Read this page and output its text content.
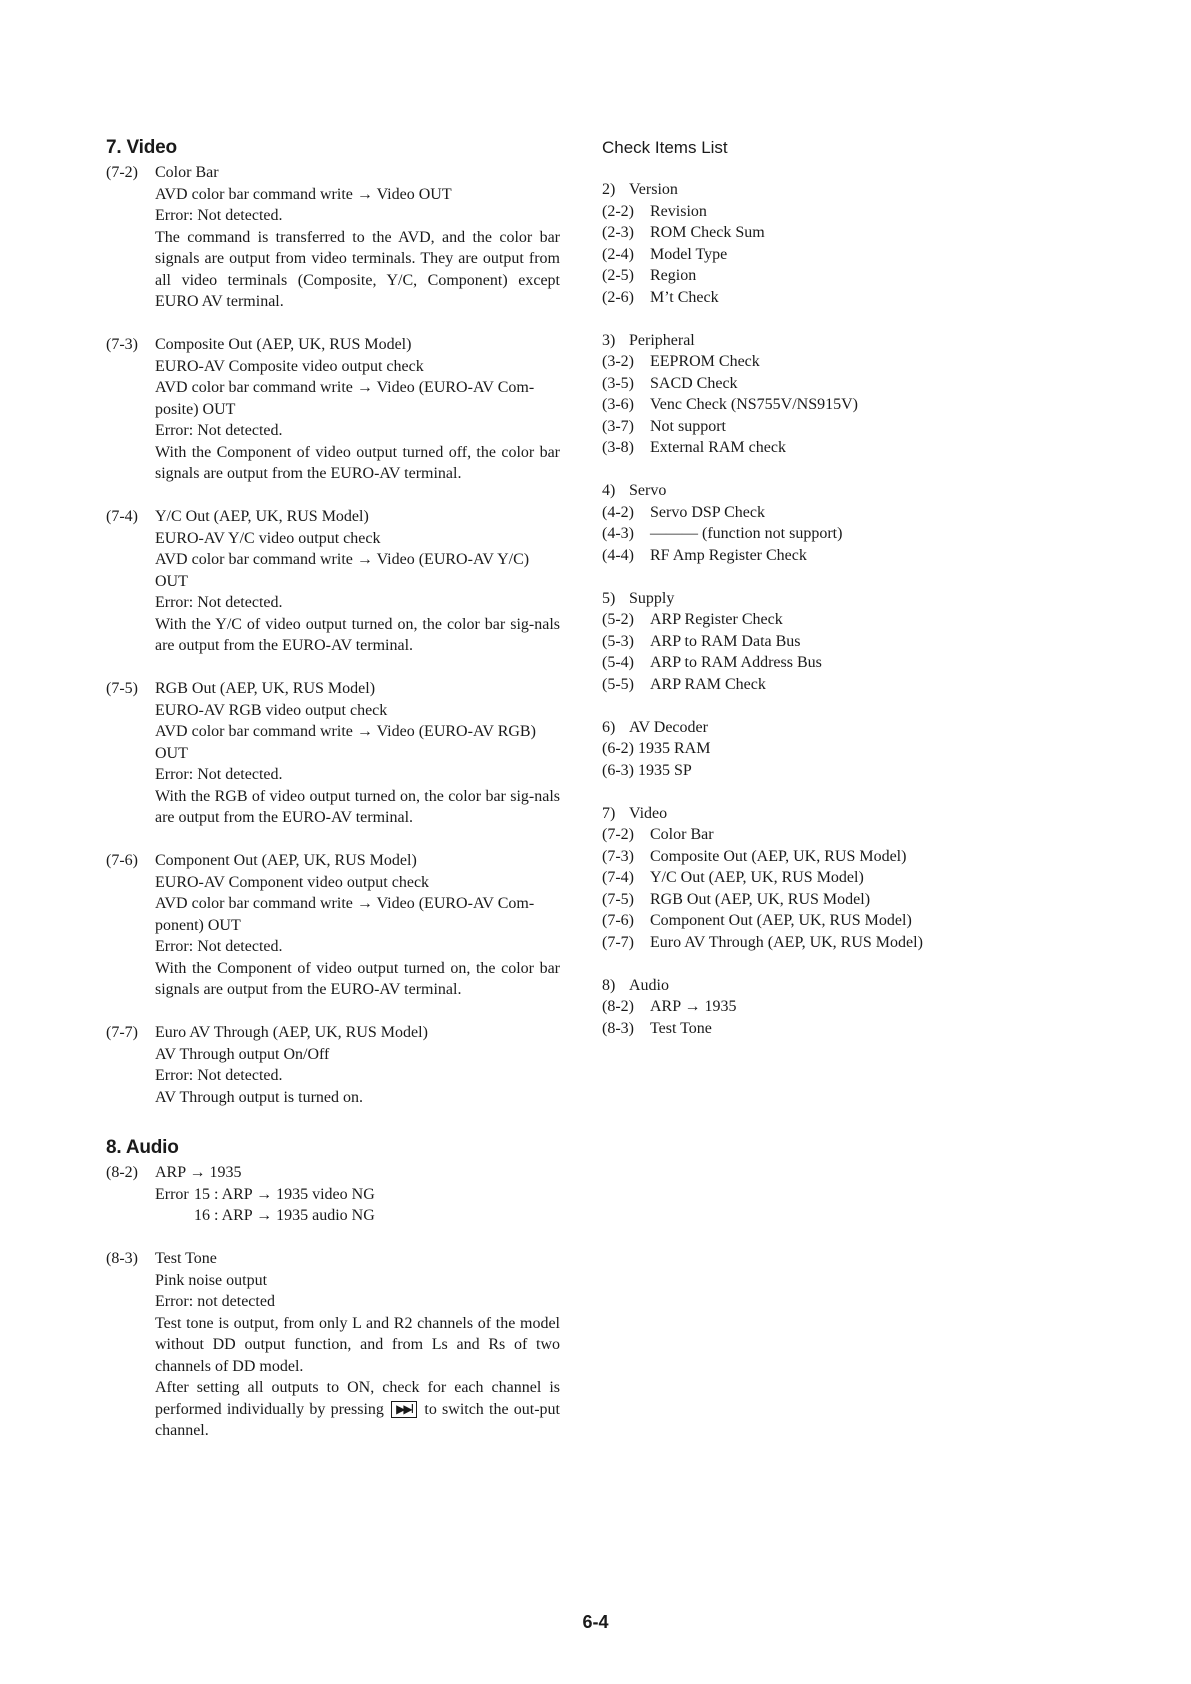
7. Video
(7-2)	Color Bar
AVD color bar command write → Video OUT
Error: Not detected.
The command is transferred to the AVD, and the color bar signals are output from video terminals. They are output from all video terminals (Composite, Y/C, Component) except EURO AV terminal.
(7-3)	Composite Out (AEP, UK, RUS Model)
EURO-AV Composite video output check
AVD color bar command write → Video (EURO-AV Com-
posite) OUT
Error: Not detected.
With the Component of video output turned off, the color bar signals are output from the EURO-AV terminal.
(7-4)	Y/C Out (AEP, UK, RUS Model)
EURO-AV Y/C video output check
AVD color bar command write → Video (EURO-AV Y/C)
OUT
Error: Not detected.
With the Y/C of video output turned on, the color bar sig-nals are output from the EURO-AV terminal.
(7-5)	RGB Out (AEP, UK, RUS Model)
EURO-AV RGB video output check
AVD color bar command write → Video (EURO-AV RGB)
OUT
Error: Not detected.
With the RGB of video output turned on, the color bar sig-nals are output from the EURO-AV terminal.
(7-6)	Component Out (AEP, UK, RUS Model)
EURO-AV Component video output check
AVD color bar command write → Video (EURO-AV Com-
ponent) OUT
Error: Not detected.
With the Component of video output turned on, the color bar signals are output from the EURO-AV terminal.
(7-7)	Euro AV Through (AEP, UK, RUS Model)
AV Through output On/Off
Error: Not detected.
AV Through output is turned on.
8. Audio
(8-2)	ARP → 1935
Error 15 : ARP → 1935 video NG
16 : ARP → 1935 audio NG
(8-3)	Test Tone
Pink noise output
Error: not detected
Test tone is output, from only L and R2 channels of the model without DD output function, and from Ls and Rs of two channels of DD model.
After setting all outputs to ON, check for each channel is performed individually by pressing ▶▶I to switch the out-put channel.
Check Items List
2) Version
(2-2)	Revision
(2-3)	ROM Check Sum
(2-4)	Model Type
(2-5)	Region
(2-6)	M’t Check
3) Peripheral
(3-2)	EEPROM Check
(3-5)	SACD Check
(3-6)	Venc Check (NS755V/NS915V)
(3-7)	Not support
(3-8)	External RAM check
4) Servo
(4-2)	Servo DSP Check
(4-3)	——— (function not support)
(4-4)	RF Amp Register Check
5) Supply
(5-2)	ARP Register Check
(5-3)	ARP to RAM Data Bus
(5-4)	ARP to RAM Address Bus
(5-5)	ARP RAM Check
6) AV Decoder
(6-2) 1935 RAM
(6-3) 1935 SP
7) Video
(7-2)	Color Bar
(7-3)	Composite Out (AEP, UK, RUS Model)
(7-4)	Y/C Out (AEP, UK, RUS Model)
(7-5)	RGB Out (AEP, UK, RUS Model)
(7-6)	Component Out (AEP, UK, RUS Model)
(7-7)	Euro AV Through (AEP, UK, RUS Model)
8) Audio
(8-2)	ARP → 1935
(8-3)	Test Tone
6-4
